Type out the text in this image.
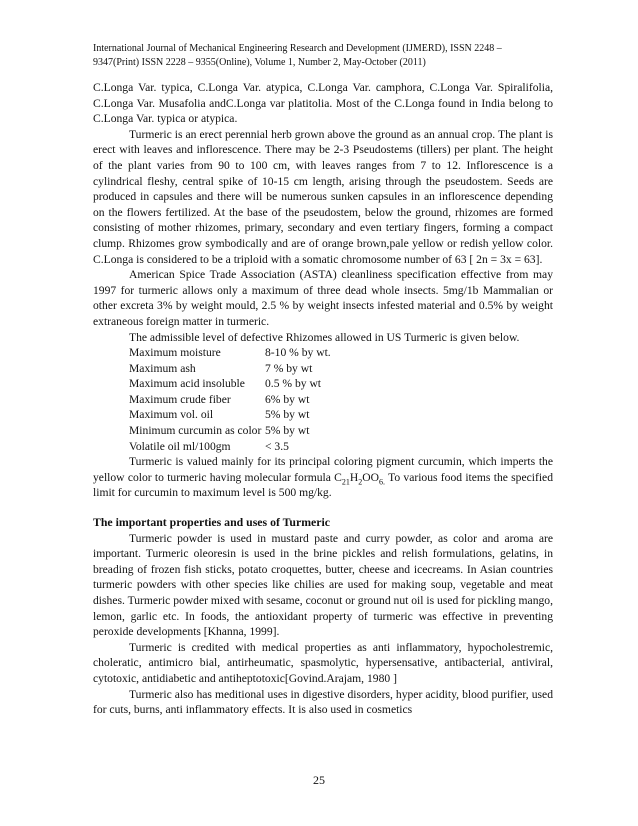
International Journal of Mechanical Engineering Research and Development (IJMERD), ISSN 2248 –
9347(Print) ISSN 2228 – 9355(Online), Volume 1, Number 2, May-October (2011)

C.Longa Var. typica, C.Longa Var. atypica, C.Longa Var. camphora, C.Longa Var. Spiralifolia, C.Longa Var. Musafolia andC.Longa var platitolia. Most of the C.Longa found in India belong to C.Longa Var. typica or atypica.

Turmeric is an erect perennial herb grown above the ground as an annual crop. The plant is erect with leaves and inflorescence. There may be 2-3 Pseudostems (tillers) per plant. The height of the plant varies from 90 to 100 cm, with leaves ranges from 7 to 12. Inflorescence is a cylindrical fleshy, central spike of 10-15 cm length, arising through the pseudostem. Seeds are produced in capsules and there will be numerous sunken capsules in an inflorescence depending on the flowers fertilized. At the base of the pseudostem, below the ground, rhizomes are formed consisting of mother rhizomes, primary, secondary and even tertiary fingers, forming a compact clump. Rhizomes grow symbodically and are of orange brown,pale yellow or redish yellow color. C.Longa is considered to be a triploid with a somatic chromosome number of 63 [ 2n = 3x = 63].

American Spice Trade Association (ASTA) cleanliness specification effective from may 1997 for turmeric allows only a maximum of three dead whole insects. 5mg/1b Mammalian or other excreta 3% by weight mould, 2.5 % by weight insects infested material and 0.5% by weight extraneous foreign matter in turmeric.

The admissible level of defective Rhizomes allowed in US Turmeric is given below.

Maximum moisture	8-10 % by wt.
Maximum ash	7 % by wt
Maximum acid insoluble	0.5 % by wt
Maximum crude fiber	6% by wt
Maximum vol. oil	5% by wt
Minimum curcumin as color 5% by wt
Volatile oil ml/100gm	< 3.5

Turmeric is valued mainly for its principal coloring pigment curcumin, which imperts the yellow color to turmeric having molecular formula $C_{21}H_2OO_{6.}$ To various food items the specified limit for curcumin to maximum level is 500 mg/kg.

The important properties and uses of Turmeric

Turmeric powder is used in mustard paste and curry powder, as color and aroma are important. Turmeric oleoresin is used in the brine pickles and relish formulations, gelatins, in breading of frozen fish sticks, potato croquettes, butter, cheese and icecreams. In Asian countries turmeric powders with other species like chilies are used for making soup, vegetable and meat dishes. Turmeric powder mixed with sesame, coconut or ground nut oil is used for pickling mango, lemon, garlic etc. In foods, the antioxidant property of turmeric was effective in preventing peroxide developments [Khanna, 1999].

Turmeric is credited with medical properties as anti inflammatory, hypocholestremic, choleratic, antimicro bial, antirheumatic, spasmolytic, hypersensative, antibacterial, antiviral, cytotoxic, antidiabetic and antiheptotoxic[Govind.Arajam, 1980 ]

Turmeric also has meditional uses in digestive disorders, hyper acidity, blood purifier, used for cuts, burns, anti inflammatory effects. It is also used in cosmetics

25
